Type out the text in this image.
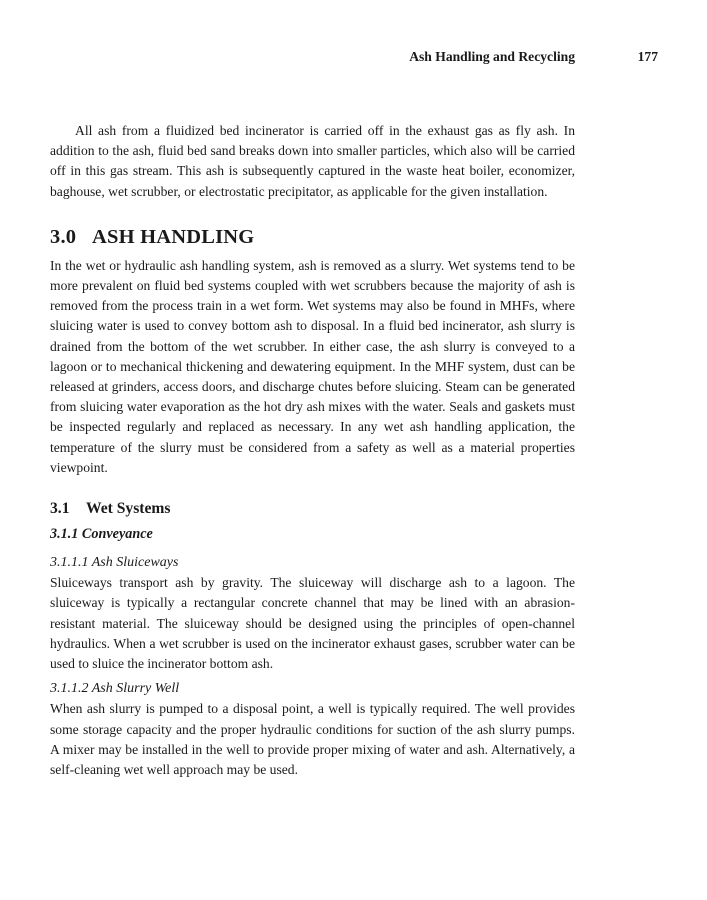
Ash Handling and Recycling	177

All ash from a fluidized bed incinerator is carried off in the exhaust gas as fly ash. In addition to the ash, fluid bed sand breaks down into smaller particles, which also will be carried off in this gas stream. This ash is subsequently captured in the waste heat boiler, economizer, baghouse, wet scrubber, or electrostatic precipitator, as applicable for the given installation.

3.0 ASH HANDLING

In the wet or hydraulic ash handling system, ash is removed as a slurry. Wet systems tend to be more prevalent on fluid bed systems coupled with wet scrubbers because the majority of ash is removed from the process train in a wet form. Wet systems may also be found in MHFs, where sluicing water is used to convey bottom ash to disposal. In a fluid bed incinerator, ash slurry is drained from the bottom of the wet scrubber. In either case, the ash slurry is conveyed to a lagoon or to mechanical thickening and dewatering equipment. In the MHF system, dust can be released at grinders, access doors, and discharge chutes before sluicing. Steam can be generated from sluicing water evaporation as the hot dry ash mixes with the water. Seals and gaskets must be inspected regularly and replaced as necessary. In any wet ash handling application, the temperature of the slurry must be considered from a safety as well as a material properties viewpoint.

3.1 Wet Systems
3.1.1 Conveyance
3.1.1.1 Ash Sluiceways

Sluiceways transport ash by gravity. The sluiceway will discharge ash to a lagoon. The sluiceway is typically a rectangular concrete channel that may be lined with an abrasion-resistant material. The sluiceway should be designed using the principles of open-channel hydraulics. When a wet scrubber is used on the incinerator exhaust gases, scrubber water can be used to sluice the incinerator bottom ash.

3.1.1.2 Ash Slurry Well

When ash slurry is pumped to a disposal point, a well is typically required. The well provides some storage capacity and the proper hydraulic conditions for suction of the ash slurry pumps. A mixer may be installed in the well to provide proper mixing of water and ash. Alternatively, a self-cleaning wet well approach may be used.
